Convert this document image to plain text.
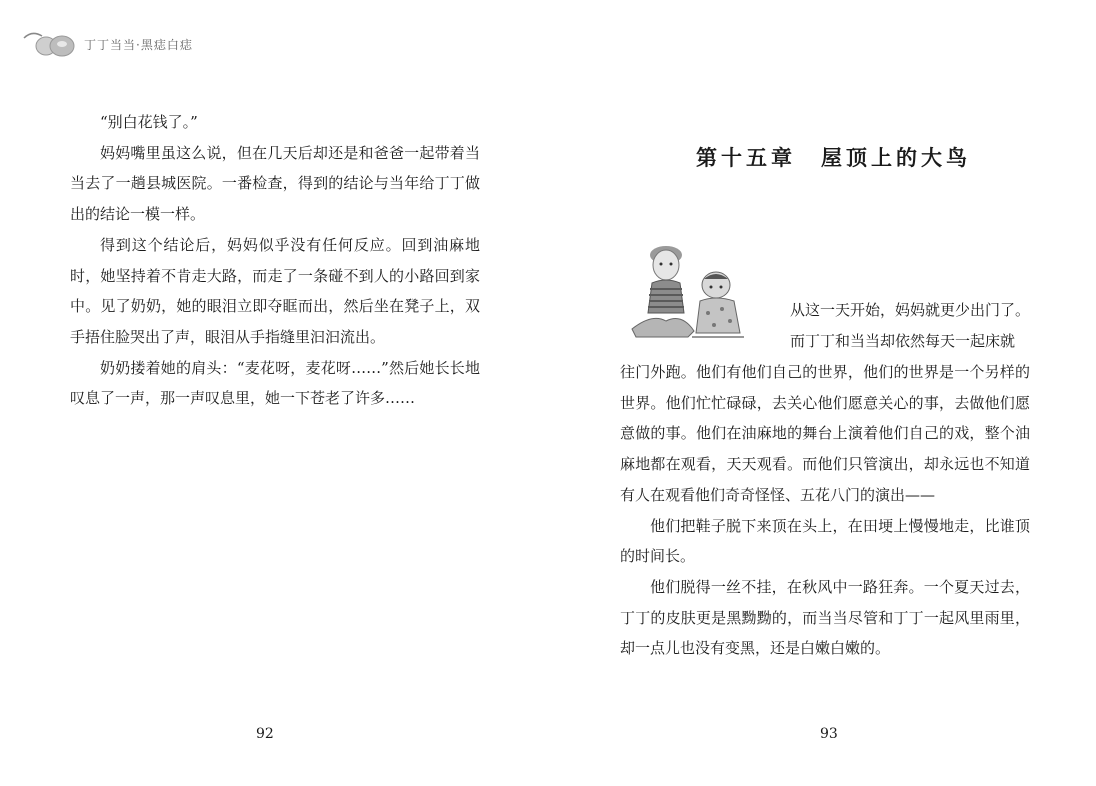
丁丁当当·黑痣白痣

“别白花钱了。”

妈妈嘴里虽这么说，但在几天后却还是和爸爸一起带着当当去了一趟县城医院。一番检查，得到的结论与当年给丁丁做出的结论一模一样。

得到这个结论后，妈妈似乎没有任何反应。回到油麻地时，她坚持着不肯走大路，而走了一条碰不到人的小路回到家中。见了奶奶，她的眼泪立即夺眶而出，然后坐在凳子上，双手捂住脸哭出了声，眼泪从手指缝里汩汩流出。

奶奶搂着她的肩头：“麦花呀，麦花呀……”然后她长长地叹息了一声，那一声叹息里，她一下苍老了许多……

92
第十五章　屋顶上的大鸟

从这一天开始，妈妈就更少出门了。

而丁丁和当当却依然每天一起床就

往门外跑。他们有他们自己的世界，他们的世界是一个另样的世界。他们忙忙碌碌，去关心他们愿意关心的事，去做他们愿意做的事。他们在油麻地的舞台上演着他们自己的戏，整个油麻地都在观看，天天观看。而他们只管演出，却永远也不知道有人在观看他们奇奇怪怪、五花八门的演出——

他们把鞋子脱下来顶在头上，在田埂上慢慢地走，比谁顶的时间长。

他们脱得一丝不挂，在秋风中一路狂奔。一个夏天过去，丁丁的皮肤更是黑黝黝的，而当当尽管和丁丁一起风里雨里，却一点儿也没有变黑，还是白嫩白嫩的。

93
